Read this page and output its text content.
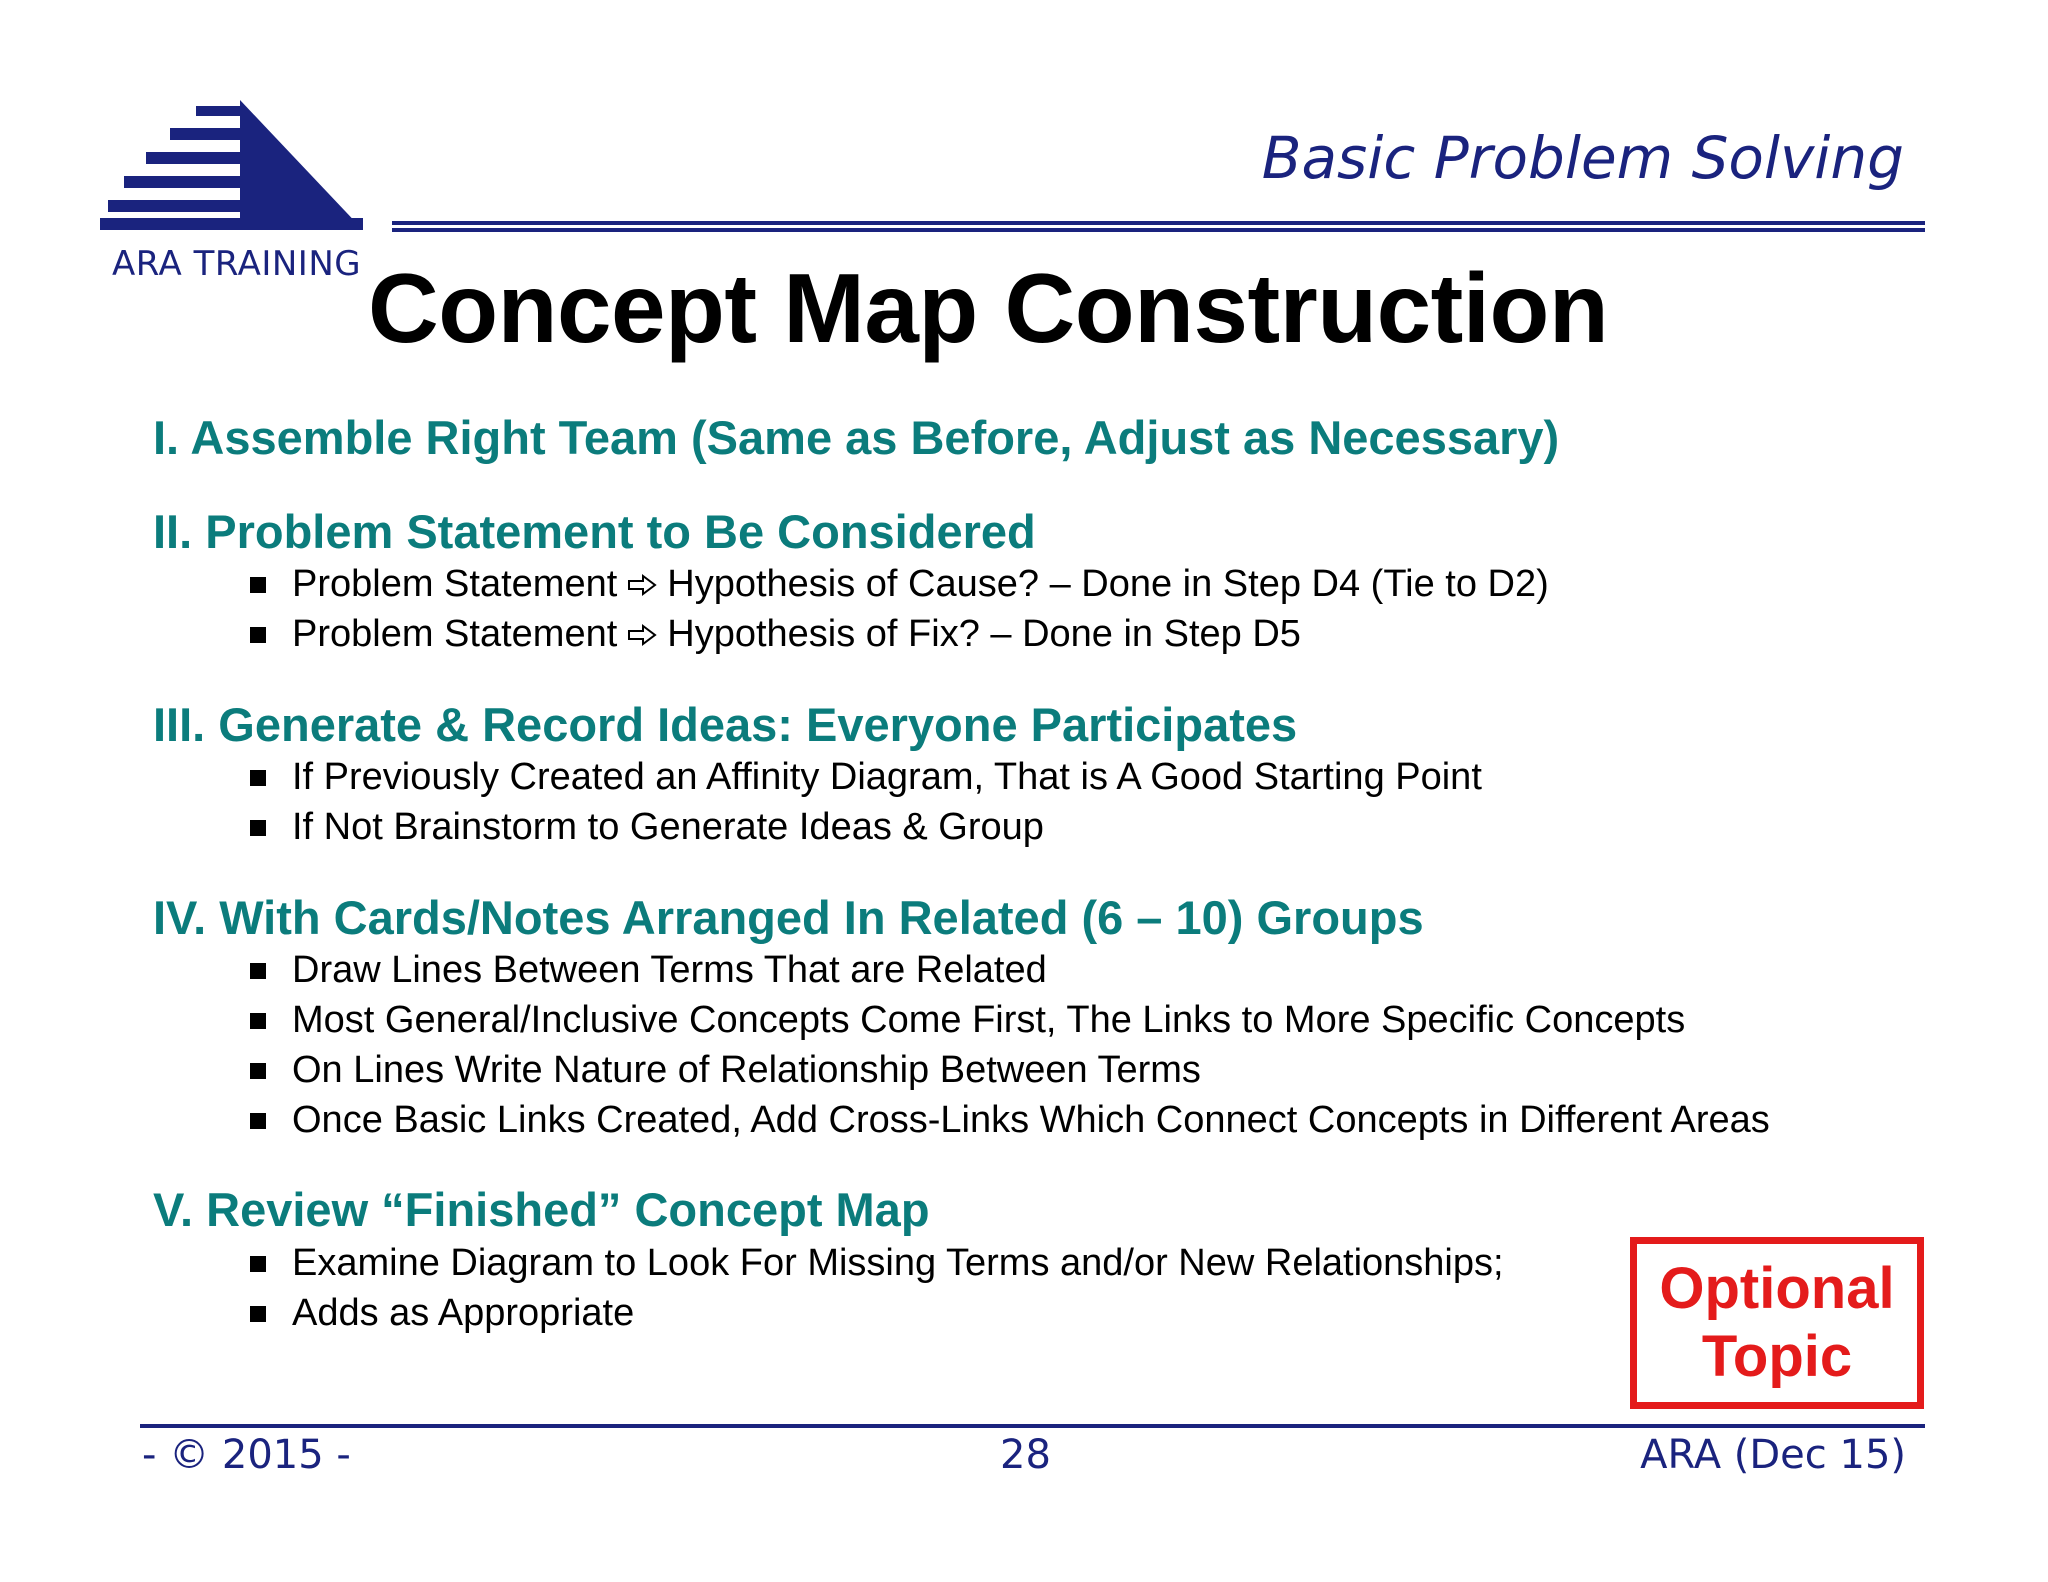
ARA TRAINING
Basic Problem Solving
Concept Map Construction
I. Assemble Right Team (Same as Before, Adjust as Necessary)
II. Problem Statement to Be Considered
Problem Statement Hypothesis of Cause? – Done in Step D4 (Tie to D2)
Problem Statement Hypothesis of Fix? – Done in Step D5
III. Generate & Record Ideas: Everyone Participates
If Previously Created an Affinity Diagram, That is A Good Starting Point
If Not Brainstorm to Generate Ideas & Group
IV. With Cards/Notes Arranged In Related (6 – 10) Groups
Draw Lines Between Terms That are Related
Most General/Inclusive Concepts Come First, The Links to More Specific Concepts
On Lines Write Nature of Relationship Between Terms
Once Basic Links Created, Add Cross-Links Which Connect Concepts in Different Areas
V. Review “Finished” Concept Map
Examine Diagram to Look For Missing Terms and/or New Relationships;
Adds as Appropriate	Optional
Topic
- © 2015 -	28	ARA (Dec 15)
